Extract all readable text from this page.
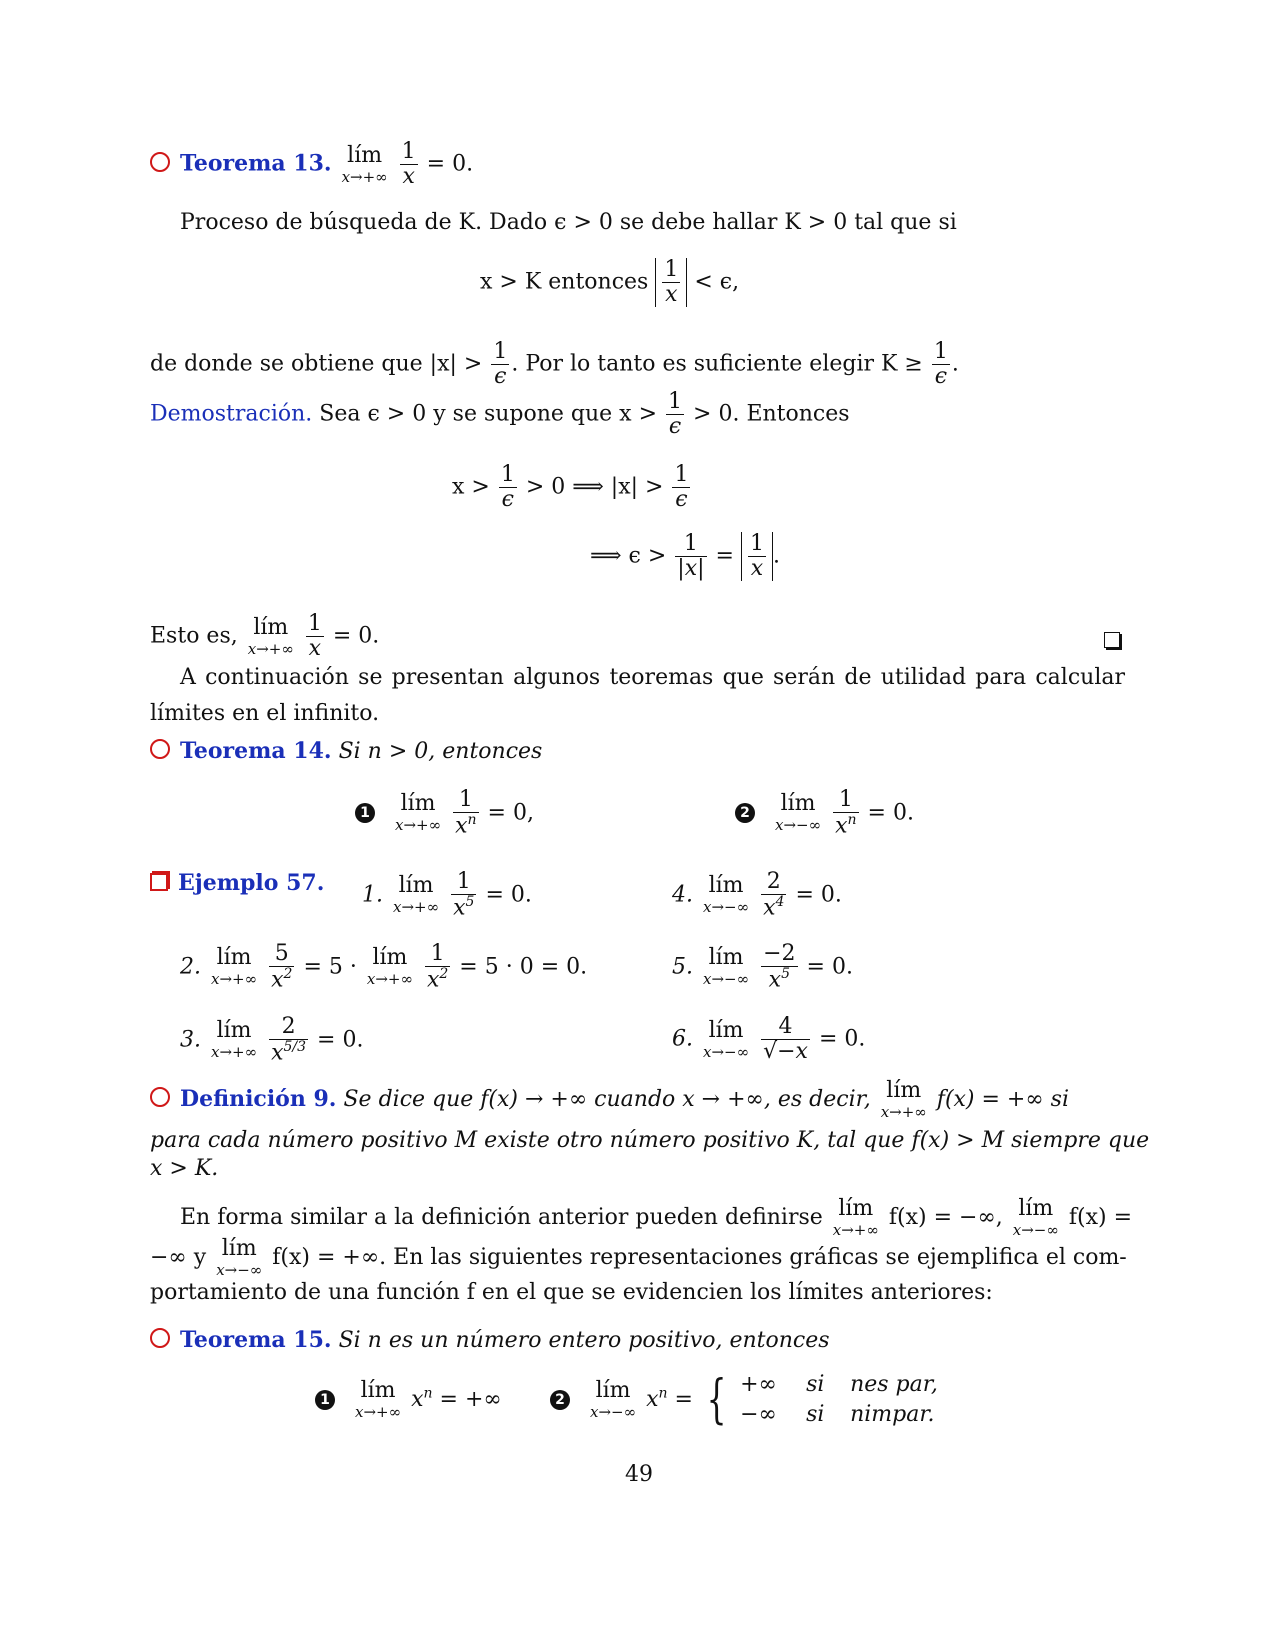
Teorema 13. lím
x→+∞
$\frac{1}{x} = 0$.
Proceso de búsqueda de K. Dado ϵ > 0 se debe hallar K > 0 tal que si
x > K entonces $\frac{1}{x} < \epsilon$,
de donde se obtiene que $|x| > \frac{1}{\epsilon}$ . Por lo tanto es suficiente elegir $K \ge \frac{1}{\epsilon}$ .
Demostración. Sea ϵ > 0 y se supone que $x > \frac{1}{\epsilon} > 0$. Entonces
$x > \frac{1}{\epsilon} > 0$ ⟹ $|x| > \frac{1}{\epsilon}$
⟹ $\epsilon > \frac{1}{|x|} = \frac{1}{x}$ .
Esto es, lím
x→+∞
$\frac{1}{x} = 0$.
A continuación se presentan algunos teoremas que serán de utilidad para calcular límites en el infinito.
Teorema 14. Si n > 0, entonces
1 lím
x→+∞
$\frac{1}{x^n} = 0$,	2 lím
x→−∞
$\frac{1}{x^n} = 0$.
Ejemplo 57. 1. lím
x→+∞
$\frac{1}{x^5} = 0$.	4. lím
x→−∞
$\frac{2}{x^4} = 0$.
2. lím
x→+∞
$\frac{5}{x^2} = 5$ · lím
x→+∞
$\frac{1}{x^2} = 5 \cdot 0 = 0$.	5. lím
x→−∞
$\frac{-2}{x^5} = 0$.
3. lím
x→+∞
$\frac{2}{x^{5/3}} = 0$.	6. lím
x→−∞
$\frac{4}{√-x} = 0$.
Definición 9. Se dice que f(x) → +∞ cuando x → +∞, es decir, lím
x→+∞ f(x) = +∞ si
para cada número positivo M existe otro número positivo K, tal que f(x) > M siempre que
x > K.
En forma similar a la definición anterior pueden definirse lím
x→+∞ f(x) = −∞, lím
x→−∞ f(x) =
−∞ y lím
x→−∞ f(x) = +∞. En las siguientes representaciones gráficas se ejemplifica el com-
portamiento de una función f en el que se evidencien los límites anteriores:
Teorema 15. Si n es un número entero positivo, entonces
1 lím
x→+∞ $x^n$ = +∞	2 lím
x→−∞ $x^n$ = { +∞ si nes par,
−∞ si nimpar.
49
